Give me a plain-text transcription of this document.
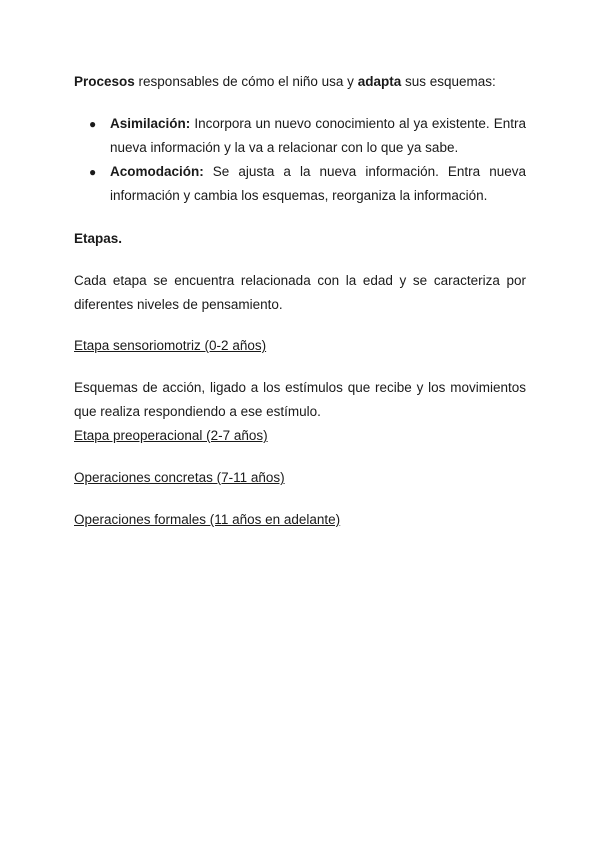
Procesos responsables de cómo el niño usa y adapta sus esquemas:

● Asimilación: Incorpora un nuevo conocimiento al ya existente. Entra nueva información y la va a relacionar con lo que ya sabe.
● Acomodación: Se ajusta a la nueva información. Entra nueva información y cambia los esquemas, reorganiza la información.

Etapas.

Cada etapa se encuentra relacionada con la edad y se caracteriza por diferentes niveles de pensamiento.

Etapa sensoriomotriz (0-2 años)

Esquemas de acción, ligado a los estímulos que recibe y los movimientos que realiza respondiendo a ese estímulo.

Etapa preoperacional (2-7 años)
Operaciones concretas (7-11 años)
Operaciones formales (11 años en adelante)
